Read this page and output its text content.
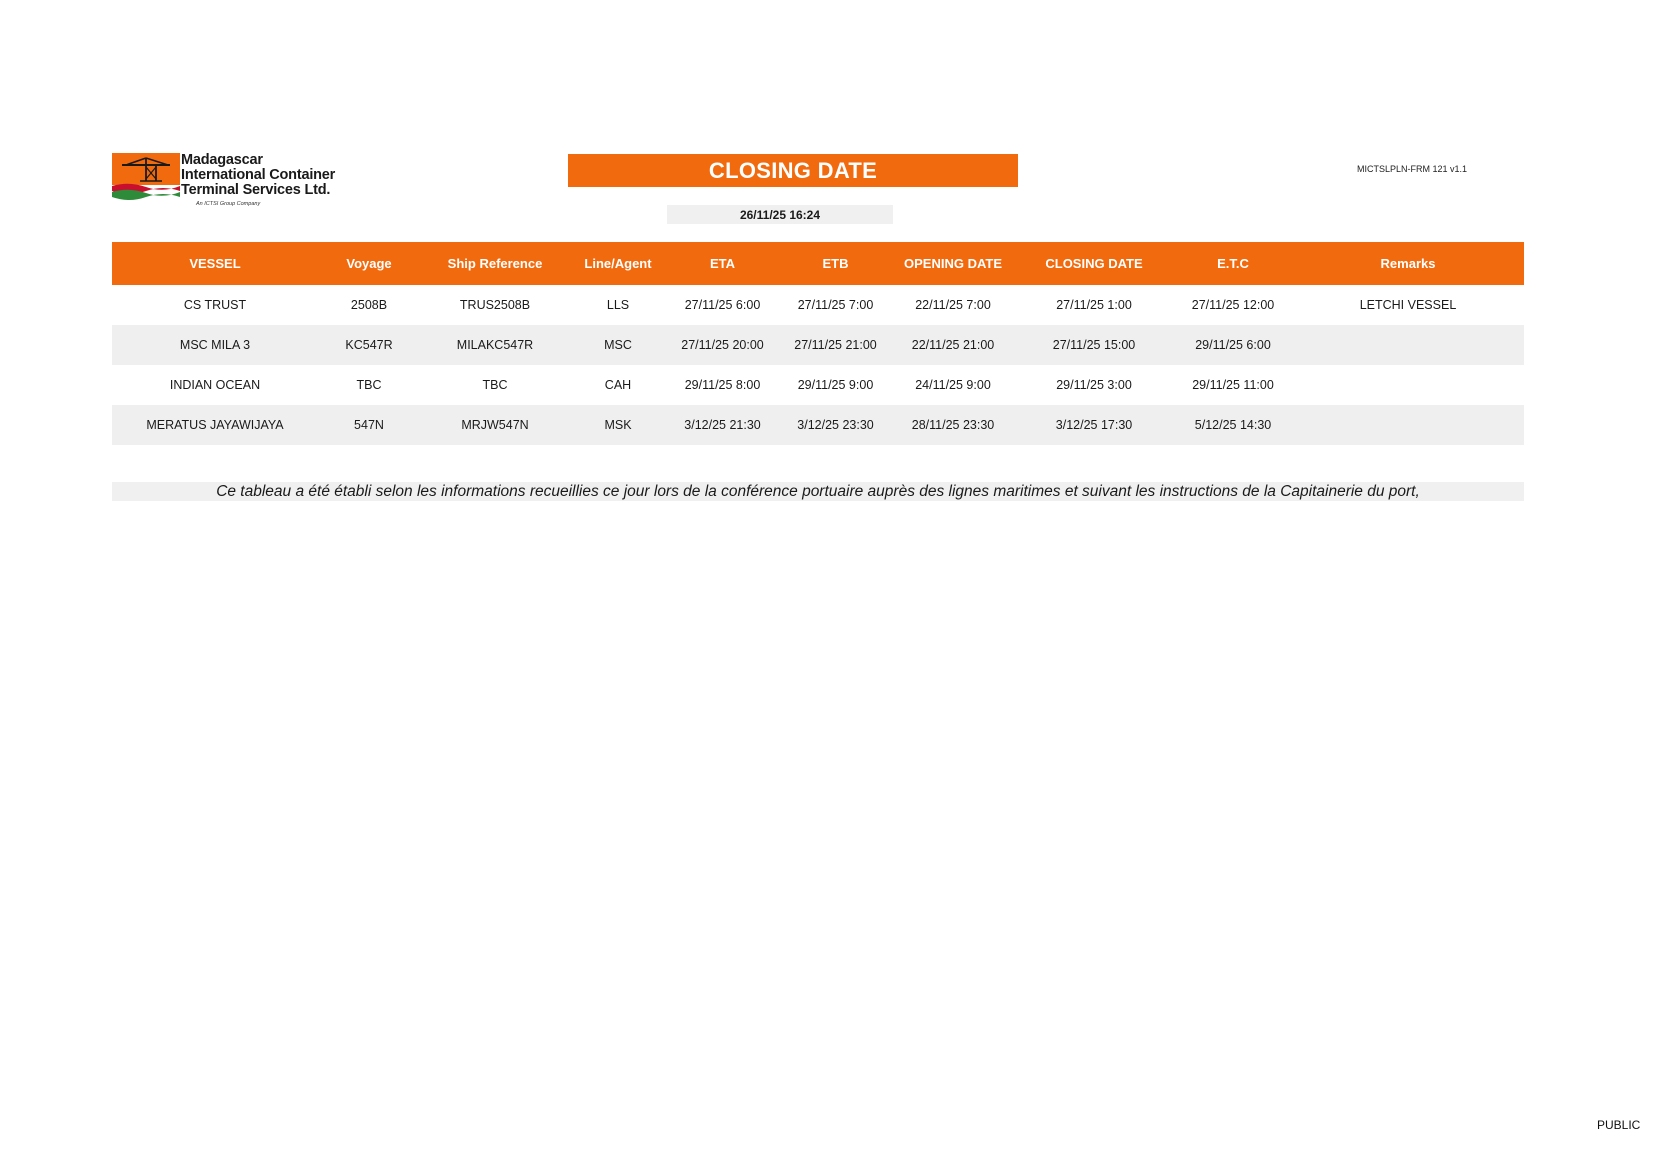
Madagascar
International Container
Terminal Services Ltd.
An ICTSI Group Company
CLOSING DATE	MICTSLPLN-FRM 121 v1.1
26/11/25 16:24
VESSEL	Voyage	Ship Reference	Line/Agent	ETA	ETB	OPENING DATE	CLOSING DATE	E.T.C	Remarks
CS TRUST	2508B	TRUS2508B	LLS	27/11/25 6:00	27/11/25 7:00	22/11/25 7:00	27/11/25 1:00	27/11/25 12:00	LETCHI VESSEL
MSC MILA 3	KC547R	MILAKC547R	MSC	27/11/25 20:00	27/11/25 21:00	22/11/25 21:00	27/11/25 15:00	29/11/25 6:00
INDIAN OCEAN	TBC	TBC	CAH	29/11/25 8:00	29/11/25 9:00	24/11/25 9:00	29/11/25 3:00	29/11/25 11:00
MERATUS JAYAWIJAYA	547N	MRJW547N	MSK	3/12/25 21:30	3/12/25 23:30	28/11/25 23:30	3/12/25 17:30	5/12/25 14:30
Ce tableau a été établi selon les informations recueillies ce jour lors de la conférence portuaire auprès des lignes maritimes et suivant les instructions de la Capitainerie du port,
PUBLIC
